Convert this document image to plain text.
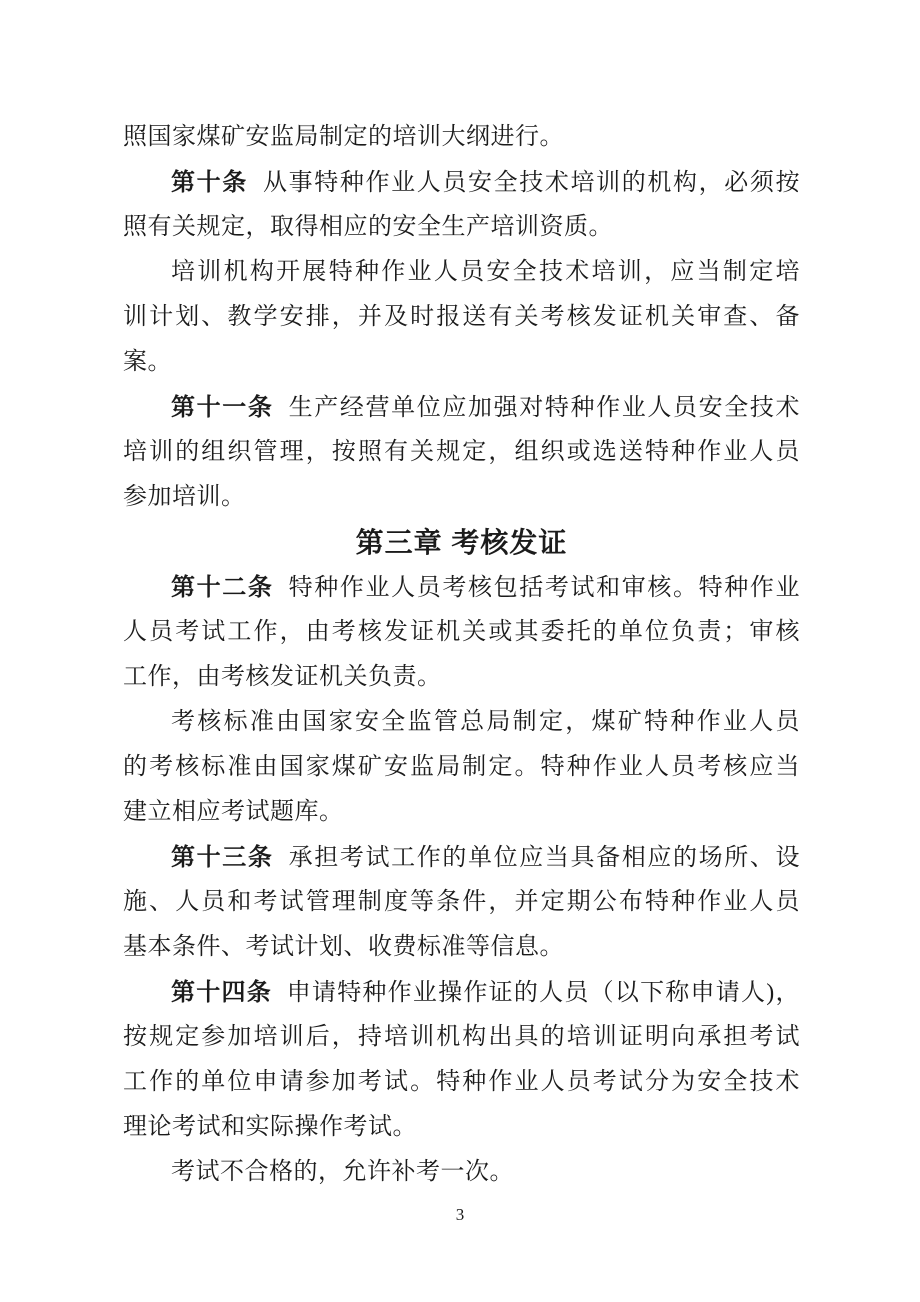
照国家煤矿安监局制定的培训大纲进行。
第十条 从事特种作业人员安全技术培训的机构，必须按
照有关规定，取得相应的安全生产培训资质。
培训机构开展特种作业人员安全技术培训，应当制定培
训计划、教学安排，并及时报送有关考核发证机关审查、备
案。
第十一条 生产经营单位应加强对特种作业人员安全技术
培训的组织管理，按照有关规定，组织或选送特种作业人员
参加培训。
第三章 考核发证
第十二条 特种作业人员考核包括考试和审核。特种作业
人员考试工作，由考核发证机关或其委托的单位负责；审核
工作，由考核发证机关负责。
考核标准由国家安全监管总局制定，煤矿特种作业人员
的考核标准由国家煤矿安监局制定。特种作业人员考核应当
建立相应考试题库。
第十三条 承担考试工作的单位应当具备相应的场所、设
施、人员和考试管理制度等条件，并定期公布特种作业人员
基本条件、考试计划、收费标准等信息。
第十四条 申请特种作业操作证的人员（以下称申请人)，
按规定参加培训后，持培训机构出具的培训证明向承担考试
工作的单位申请参加考试。特种作业人员考试分为安全技术
理论考试和实际操作考试。
考试不合格的，允许补考一次。
3
